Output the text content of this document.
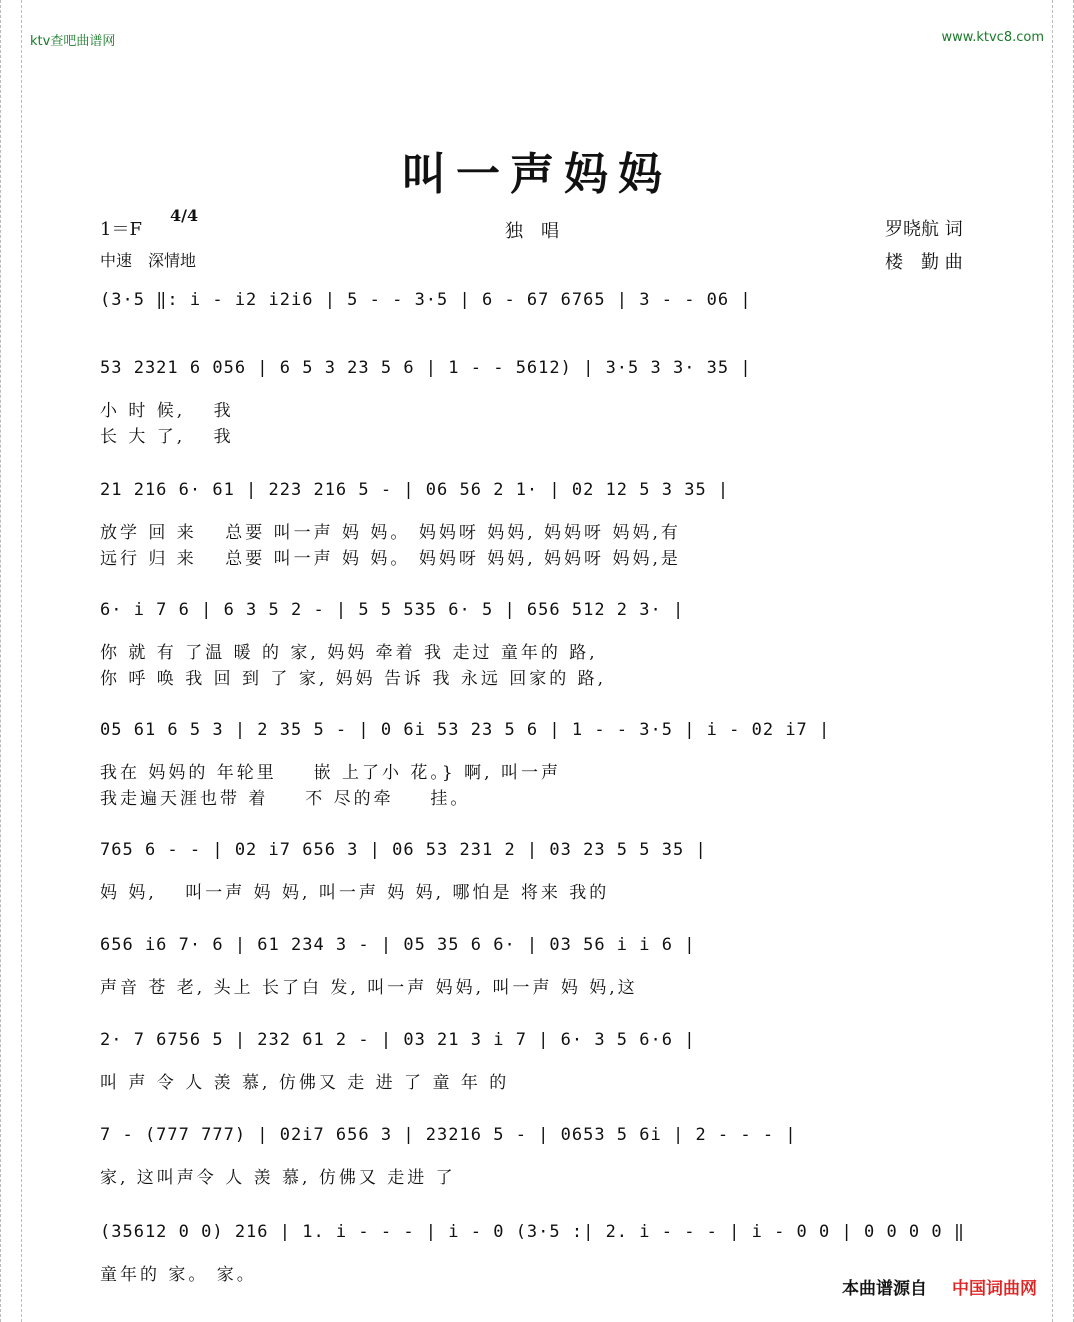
ktv查吧曲谱网	www.ktvc8.com
叫一声妈妈
1＝F
4/4
中速　深情地
独　唱	罗晓航 词
楼　勤 曲
(3·5 ‖: i - i2 i2i6 | 5 - - 3·5 | 6 - 67 6765 | 3 - - 06 |
53 2321 6 056 | 6 5 3 23 5 6 | 1 - - 5612) | 3·5 3 3· 35 |
小 时 候,　 我
长 大 了,　 我
21 216 6· 61 | 223 216 5 - | 06 56 2 1· | 02 12 5 3 35 |
放学 回 来　 总要 叫一声 妈 妈。 妈妈呀 妈妈, 妈妈呀 妈妈,有
远行 归 来　 总要 叫一声 妈 妈。 妈妈呀 妈妈, 妈妈呀 妈妈,是
6· i 7 6 | 6 3 5 2 - | 5 5 535 6· 5 | 656 512 2 3· |
你 就 有 了温 暖 的 家, 妈妈 牵着 我 走过 童年的 路,
你 呼 唤 我 回 到 了 家, 妈妈 告诉 我 永远 回家的 路,
05 61 6 5 3 | 2 35 5 - | 0 6i 53 23 5 6 | 1 - - 3·5 | i - 02 i7 |
我在 妈妈的 年轮里 　 嵌 上了小 花。} 啊, 叫一声
我走遍天涯也带 着 　 不 尽的牵 　 挂。
765 6 - - | 02 i7 656 3 | 06 53 231 2 | 03 23 5 5 35 |
妈 妈,　 叫一声 妈 妈, 叫一声 妈 妈, 哪怕是 将来 我的
656 i6 7· 6 | 61 234 3 - | 05 35 6 6· | 03 56 i i 6 |
声音 苍 老, 头上 长了白 发, 叫一声 妈妈, 叫一声 妈 妈,这
2· 7 6756 5 | 232 61 2 - | 03 21 3 i 7 | 6· 3 5 6·6 |
叫 声 令 人 羡 慕, 仿佛又 走 进 了 童 年 的
7 - (777 777) | 02i7 656 3 | 23216 5 - | 0653 5 6i | 2 - - - |
家, 这叫声令 人 羡 慕, 仿佛又 走进 了
(35612 0 0) 216 | 1. i - - - | i - 0 (3·5 :| 2. i - - - | i - 0 0 | 0 0 0 0 ‖
童年的 家。 家。
本曲谱源自 中国词曲网
